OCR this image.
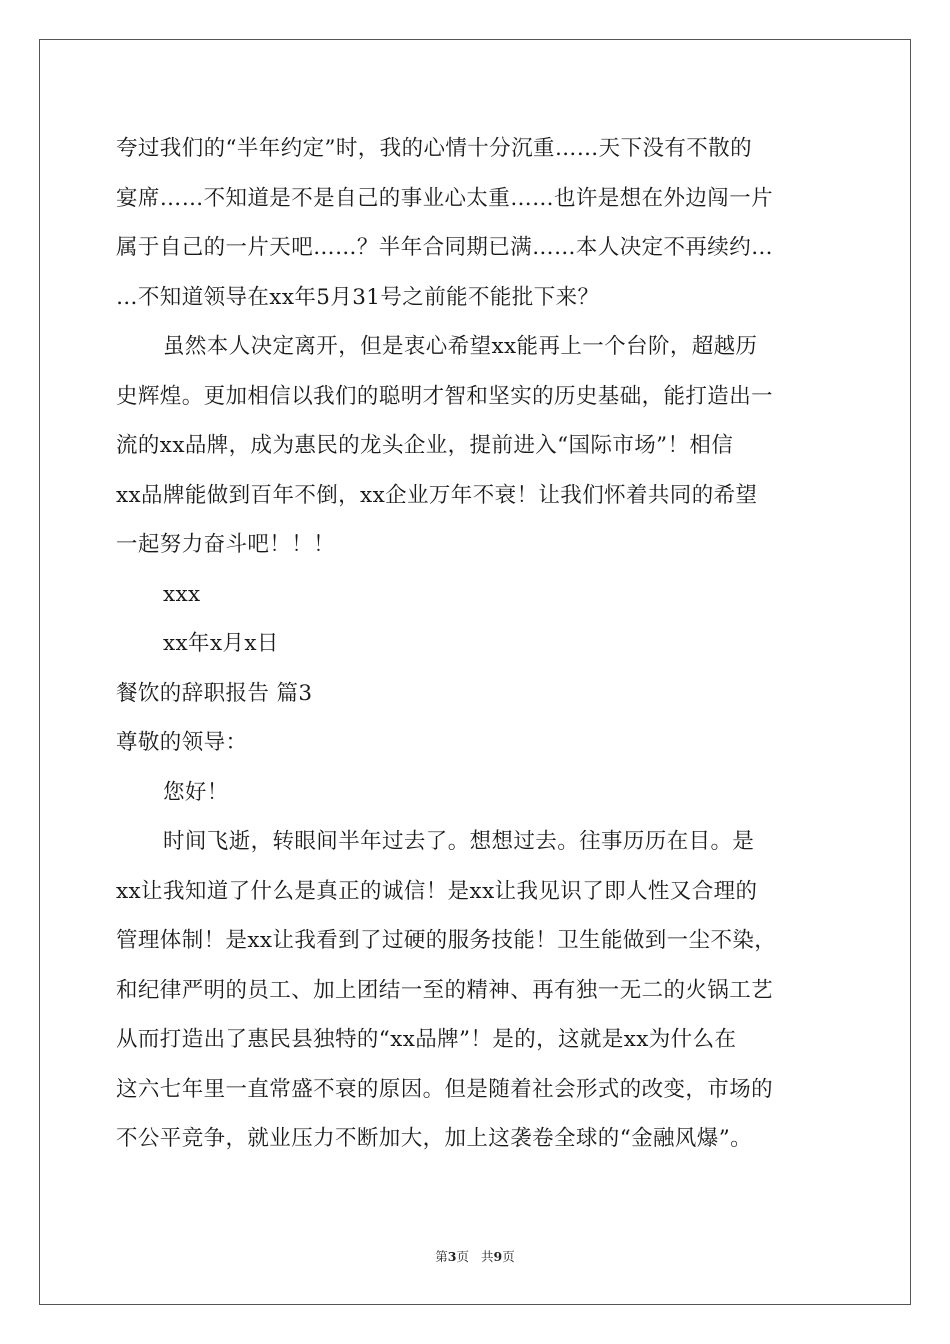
夸过我们的“半年约定”时，我的心情十分沉重……天下没有不散的
宴席……不知道是不是自己的事业心太重……也许是想在外边闯一片
属于自己的一片天吧……？半年合同期已满……本人决定不再续约…
…不知道领导在xx年5月31号之前能不能批下来？
虽然本人决定离开，但是衷心希望xx能再上一个台阶，超越历
史辉煌。更加相信以我们的聪明才智和坚实的历史基础，能打造出一
流的xx品牌，成为惠民的龙头企业，提前进入“国际市场”！相信
xx品牌能做到百年不倒，xx企业万年不衰！让我们怀着共同的希望
一起努力奋斗吧！！！
xxx
xx年x月x日
餐饮的辞职报告 篇3
尊敬的领导：
您好！
时间飞逝，转眼间半年过去了。想想过去。往事历历在目。是
xx让我知道了什么是真正的诚信！是xx让我见识了即人性又合理的
管理体制！是xx让我看到了过硬的服务技能！卫生能做到一尘不染，
和纪律严明的员工、加上团结一至的精神、再有独一无二的火锅工艺
从而打造出了惠民县独特的“xx品牌”！是的，这就是xx为什么在
这六七年里一直常盛不衰的原因。但是随着社会形式的改变，市场的
不公平竞争，就业压力不断加大，加上这袭卷全球的“金融风爆”。
第3页 共9页
